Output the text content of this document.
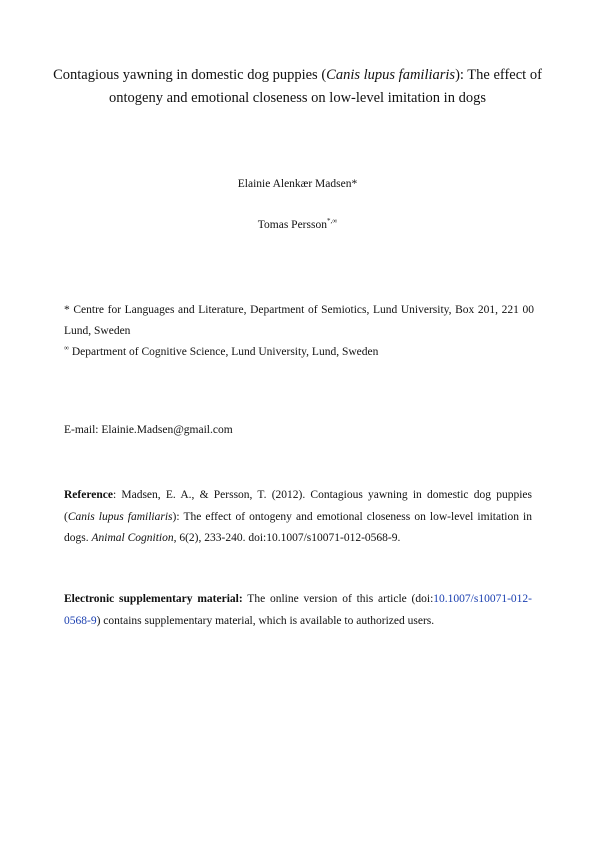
Contagious yawning in domestic dog puppies (Canis lupus familiaris): The effect of ontogeny and emotional closeness on low-level imitation in dogs
Elainie Alenkær Madsen*
Tomas Persson*,∞
* Centre for Languages and Literature, Department of Semiotics, Lund University, Box 201, 221 00 Lund, Sweden
∞ Department of Cognitive Science, Lund University, Lund, Sweden
E-mail: Elainie.Madsen@gmail.com
Reference: Madsen, E. A., & Persson, T. (2012). Contagious yawning in domestic dog puppies (Canis lupus familiaris): The effect of ontogeny and emotional closeness on low-level imitation in dogs. Animal Cognition, 6(2), 233-240. doi:10.1007/s10071-012-0568-9.
Electronic supplementary material: The online version of this article (doi:10.1007/s10071-012-0568-9) contains supplementary material, which is available to authorized users.
